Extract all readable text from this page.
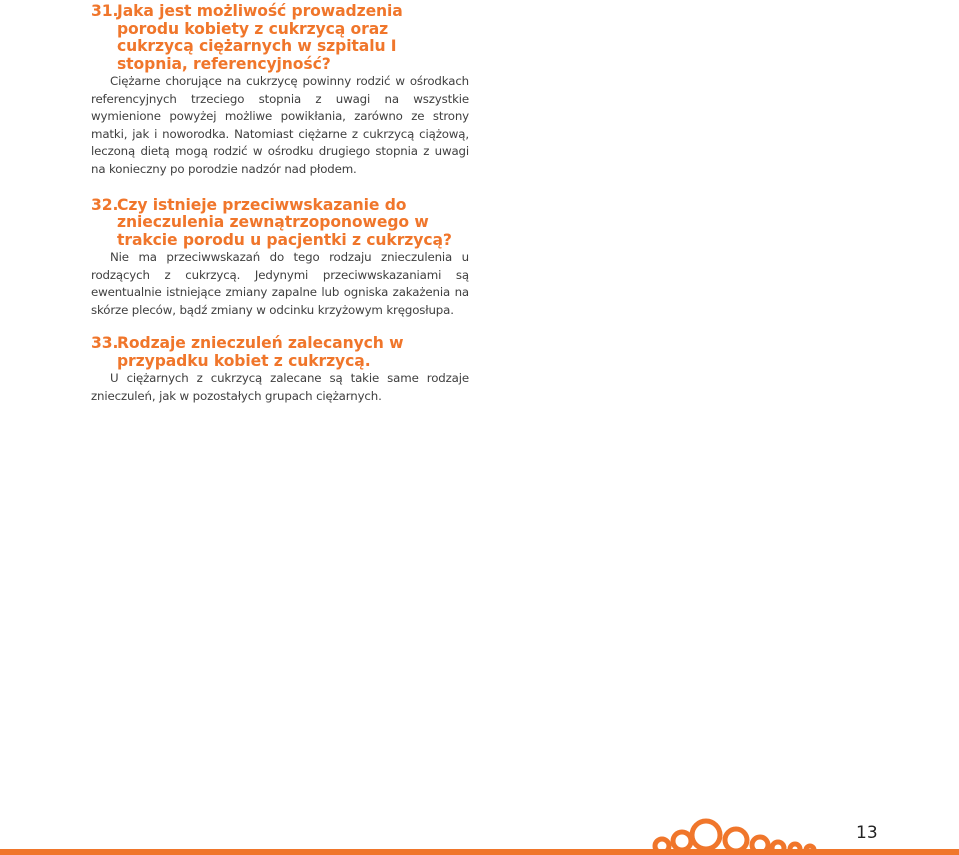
31.
Jaka jest możliwość prowadzenia porodu kobiety z cukrzycą oraz cukrzycą ciężarnych w szpitalu I stopnia, referencyjność?

Ciężarne chorujące na cukrzycę powinny rodzić w ośrodkach referencyjnych trzeciego stopnia z uwagi na wszystkie wymienione powyżej możliwe powikłania, zarówno ze strony matki, jak i noworodka. Natomiast ciężarne z cukrzycą ciążową, leczoną dietą mogą rodzić w ośrodku drugiego stopnia z uwagi na konieczny po porodzie nadzór nad płodem.

32.
Czy istnieje przeciwwskazanie do znieczulenia zewnątrzoponowego w trakcie porodu u pacjentki z cukrzycą?

Nie ma przeciwwskazań do tego rodzaju znieczulenia u rodzących z cukrzycą. Jedynymi przeciwwskazaniami są ewentualnie istniejące zmiany zapalne lub ogniska zakażenia na skórze pleców, bądź zmiany w odcinku krzyżowym kręgosłupa.

33.
Rodzaje znieczuleń zalecanych w przypadku kobiet z cukrzycą.

U ciężarnych z cukrzycą zalecane są takie same rodzaje znieczuleń, jak w pozostałych grupach ciężarnych.

13
